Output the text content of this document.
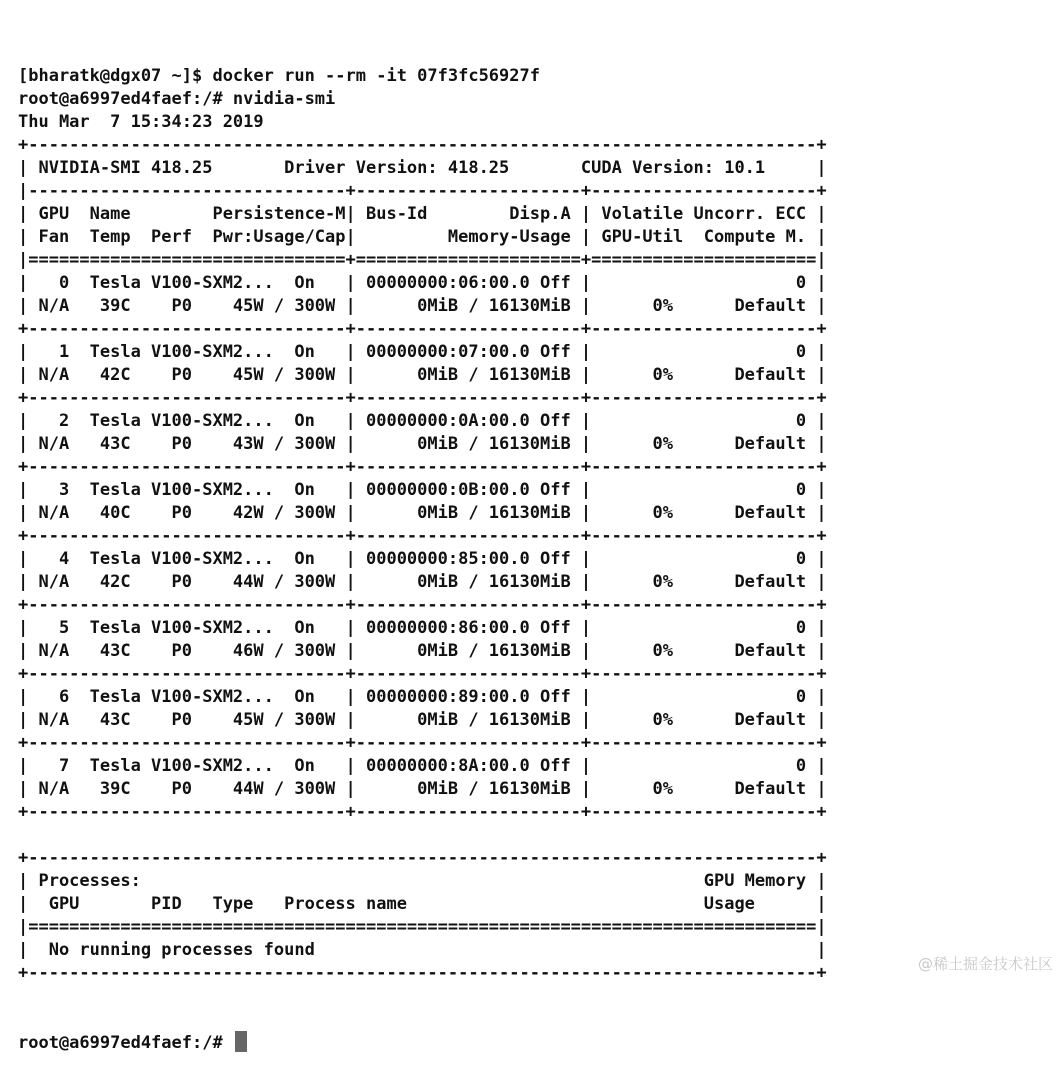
[bharatk@dgx07 ~]$ docker run --rm -it 07f3fc56927f
root@a6997ed4faef:/# nvidia-smi
Thu Mar  7 15:34:23 2019
+-----------------------------------------------------------------------------+
| NVIDIA-SMI 418.25       Driver Version: 418.25       CUDA Version: 10.1     |
|-------------------------------+----------------------+----------------------+
| GPU  Name        Persistence-M| Bus-Id        Disp.A | Volatile Uncorr. ECC |
| Fan  Temp  Perf  Pwr:Usage/Cap|         Memory-Usage | GPU-Util  Compute M. |
|===============================+======================+======================|
|   0  Tesla V100-SXM2...  On   | 00000000:06:00.0 Off |                    0 |
| N/A   39C    P0    45W / 300W |      0MiB / 16130MiB |      0%      Default |
+-------------------------------+----------------------+----------------------+
|   1  Tesla V100-SXM2...  On   | 00000000:07:00.0 Off |                    0 |
| N/A   42C    P0    45W / 300W |      0MiB / 16130MiB |      0%      Default |
+-------------------------------+----------------------+----------------------+
|   2  Tesla V100-SXM2...  On   | 00000000:0A:00.0 Off |                    0 |
| N/A   43C    P0    43W / 300W |      0MiB / 16130MiB |      0%      Default |
+-------------------------------+----------------------+----------------------+
|   3  Tesla V100-SXM2...  On   | 00000000:0B:00.0 Off |                    0 |
| N/A   40C    P0    42W / 300W |      0MiB / 16130MiB |      0%      Default |
+-------------------------------+----------------------+----------------------+
|   4  Tesla V100-SXM2...  On   | 00000000:85:00.0 Off |                    0 |
| N/A   42C    P0    44W / 300W |      0MiB / 16130MiB |      0%      Default |
+-------------------------------+----------------------+----------------------+
|   5  Tesla V100-SXM2...  On   | 00000000:86:00.0 Off |                    0 |
| N/A   43C    P0    46W / 300W |      0MiB / 16130MiB |      0%      Default |
+-------------------------------+----------------------+----------------------+
|   6  Tesla V100-SXM2...  On   | 00000000:89:00.0 Off |                    0 |
| N/A   43C    P0    45W / 300W |      0MiB / 16130MiB |      0%      Default |
+-------------------------------+----------------------+----------------------+
|   7  Tesla V100-SXM2...  On   | 00000000:8A:00.0 Off |                    0 |
| N/A   39C    P0    44W / 300W |      0MiB / 16130MiB |      0%      Default |
+-------------------------------+----------------------+----------------------+
+-----------------------------------------------------------------------------+
| Processes:                                                       GPU Memory |
|  GPU       PID   Type   Process name                             Usage      |
|=============================================================================|
|  No running processes found                                                 |
+-----------------------------------------------------------------------------+

root@a6997ed4faef:/#

@稀土掘金技术社区
